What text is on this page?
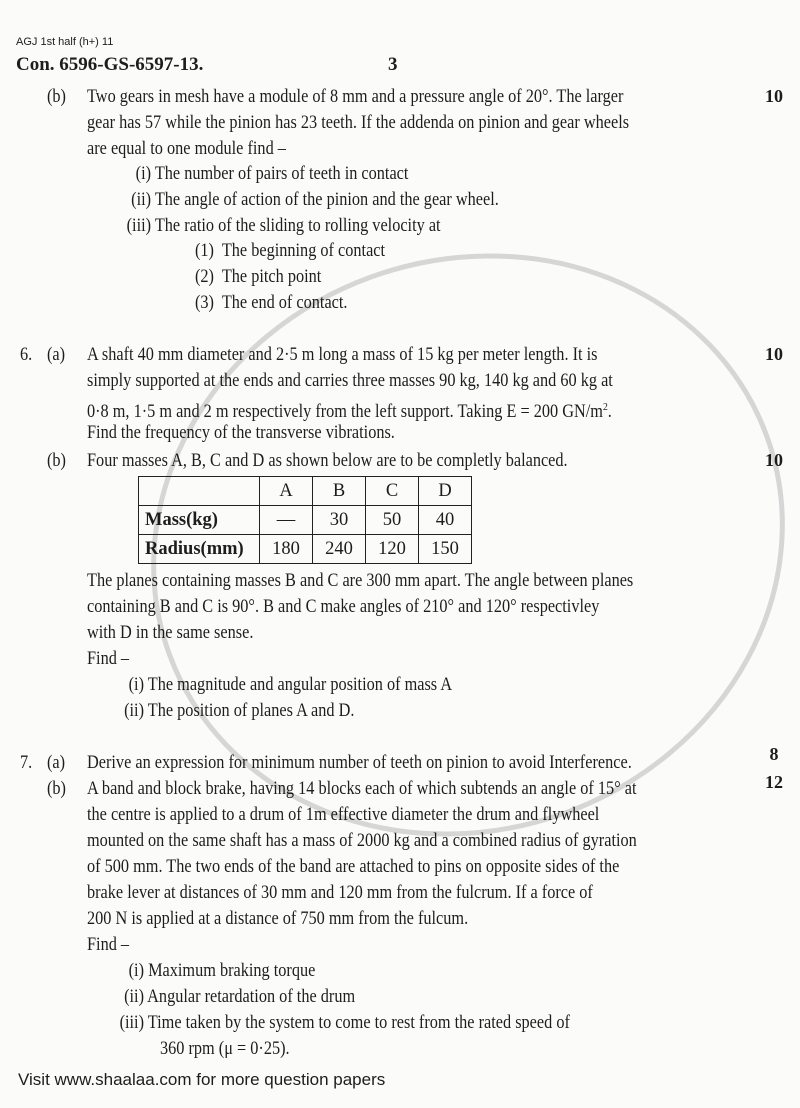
AGJ 1st half (h+) 11
Con. 6596-GS-6597-13.	3
(b)	10
Two gears in mesh have a module of 8 mm and a pressure angle of 20°. The larger
gear has 57 while the pinion has 23 teeth. If the addenda on pinion and gear wheels
are equal to one module find –
(i) The number of pairs of teeth in contact
(ii) The angle of action of the pinion and the gear wheel.
(iii) The ratio of the sliding to rolling velocity at
(1) The beginning of contact
(2) The pitch point
(3) The end of contact.
6. (a)	10
A shaft 40 mm diameter and 2·5 m long a mass of 15 kg per meter length. It is
simply supported at the ends and carries three masses 90 kg, 140 kg and 60 kg at
0·8 m, 1·5 m and 2 m respectively from the left support. Taking E = 200 $GN/m^2$.
Find the frequency of the transverse vibrations.
(b)	10
Four masses A, B, C and D as shown below are to be completly balanced.
	A	B	C	D
Mass(kg)	—	30	50	40
Radius(mm)	180	240	120	150
The planes containing masses B and C are 300 mm apart. The angle between planes
containing B and C is 90°. B and C make angles of 210° and 120° respectivley
with D in the same sense.
Find –
(i) The magnitude and angular position of mass A
(ii) The position of planes A and D.
7. (a)	8
Derive an expression for minimum number of teeth on pinion to avoid Interference.
(b)	12
A band and block brake, having 14 blocks each of which subtends an angle of 15° at
the centre is applied to a drum of 1m effective diameter the drum and flywheel
mounted on the same shaft has a mass of 2000 kg and a combined radius of gyration
of 500 mm. The two ends of the band are attached to pins on opposite sides of the
brake lever at distances of 30 mm and 120 mm from the fulcrum. If a force of
200 N is applied at a distance of 750 mm from the fulcum.
Find –
(i) Maximum braking torque
(ii) Angular retardation of the drum
(iii) Time taken by the system to come to rest from the rated speed of
360 rpm (μ = 0·25).
Visit www.shaalaa.com for more question papers
